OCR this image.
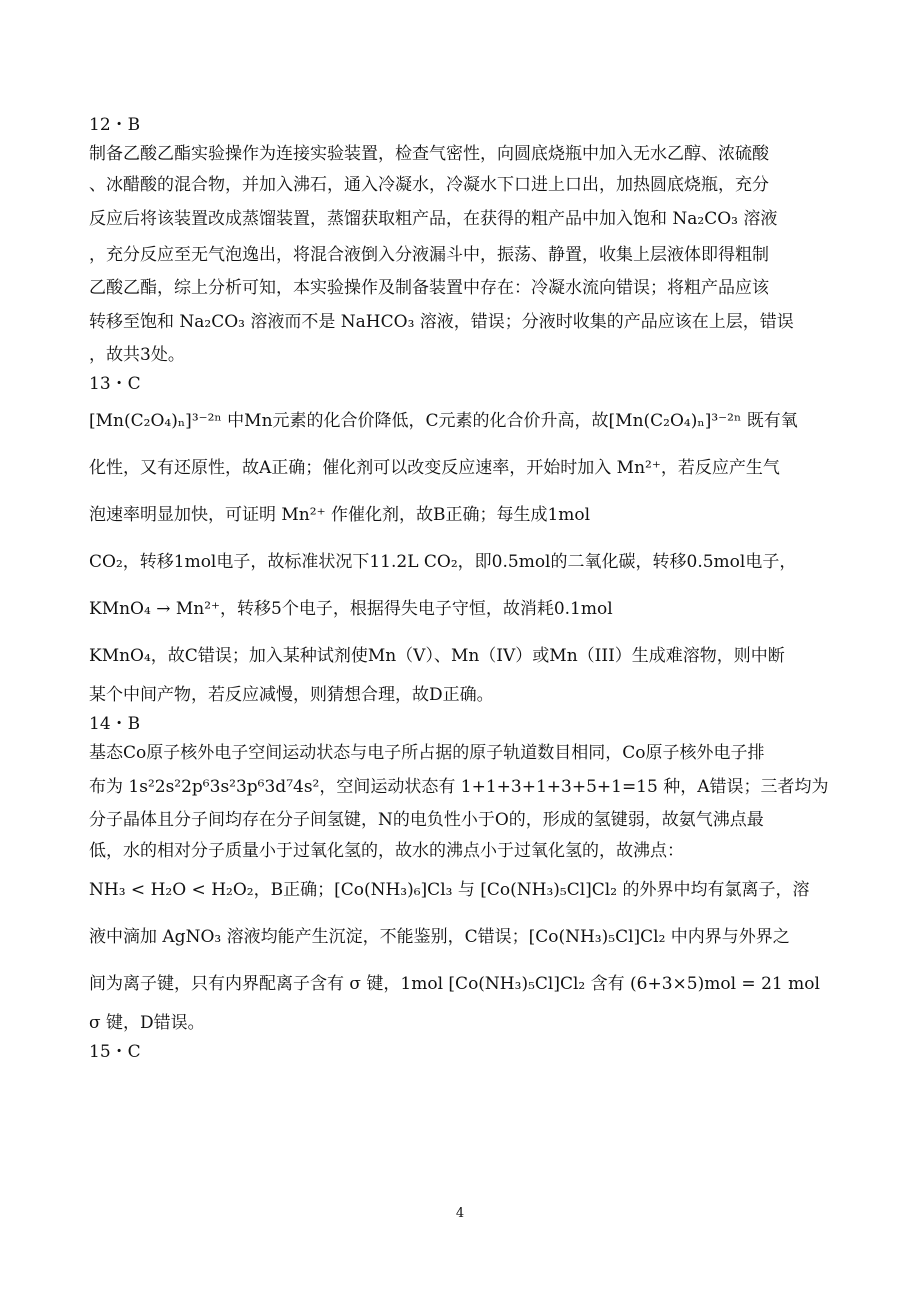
12・B
制备乙酸乙酯实验操作为连接实验装置，检查气密性，向圆底烧瓶中加入无水乙醇、浓硫酸
、冰醋酸的混合物，并加入沸石，通入冷凝水，冷凝水下口进上口出，加热圆底烧瓶，充分
反应后将该装置改成蒸馏装置，蒸馏获取粗产品，在获得的粗产品中加入饱和 Na₂CO₃ 溶液
，充分反应至无气泡逸出，将混合液倒入分液漏斗中，振荡、静置，收集上层液体即得粗制
乙酸乙酯，综上分析可知，本实验操作及制备装置中存在：冷凝水流向错误；将粗产品应该
转移至饱和 Na₂CO₃ 溶液而不是 NaHCO₃ 溶液，错误；分液时收集的产品应该在上层，错误
，故共3处。
13・C
[Mn(C₂O₄)ₙ]³⁻²ⁿ 中Mn元素的化合价降低，C元素的化合价升高，故[Mn(C₂O₄)ₙ]³⁻²ⁿ 既有氧
化性，又有还原性，故A正确；催化剂可以改变反应速率，开始时加入 Mn²⁺，若反应产生气
泡速率明显加快，可证明 Mn²⁺ 作催化剂，故B正确；每生成1mol
CO₂，转移1mol电子，故标准状况下11.2L CO₂，即0.5mol的二氧化碳，转移0.5mol电子，
KMnO₄ → Mn²⁺，转移5个电子，根据得失电子守恒，故消耗0.1mol
KMnO₄，故C错误；加入某种试剂使Mn（V）、Mn（IV）或Mn（III）生成难溶物，则中断
某个中间产物，若反应减慢，则猜想合理，故D正确。
14・B
基态Co原子核外电子空间运动状态与电子所占据的原子轨道数目相同，Co原子核外电子排
布为 1s²2s²2p⁶3s²3p⁶3d⁷4s²，空间运动状态有 1+1+3+1+3+5+1=15 种，A错误；三者均为
分子晶体且分子间均存在分子间氢键，N的电负性小于O的，形成的氢键弱，故氨气沸点最
低，水的相对分子质量小于过氧化氢的，故水的沸点小于过氧化氢的，故沸点：
NH₃ < H₂O < H₂O₂，B正确；[Co(NH₃)₆]Cl₃ 与 [Co(NH₃)₅Cl]Cl₂ 的外界中均有氯离子，溶
液中滴加 AgNO₃ 溶液均能产生沉淀，不能鉴别，C错误；[Co(NH₃)₅Cl]Cl₂ 中内界与外界之
间为离子键，只有内界配离子含有 σ 键，1mol [Co(NH₃)₅Cl]Cl₂ 含有 (6+3×5)mol = 21 mol
σ 键，D错误。
15・C
4
